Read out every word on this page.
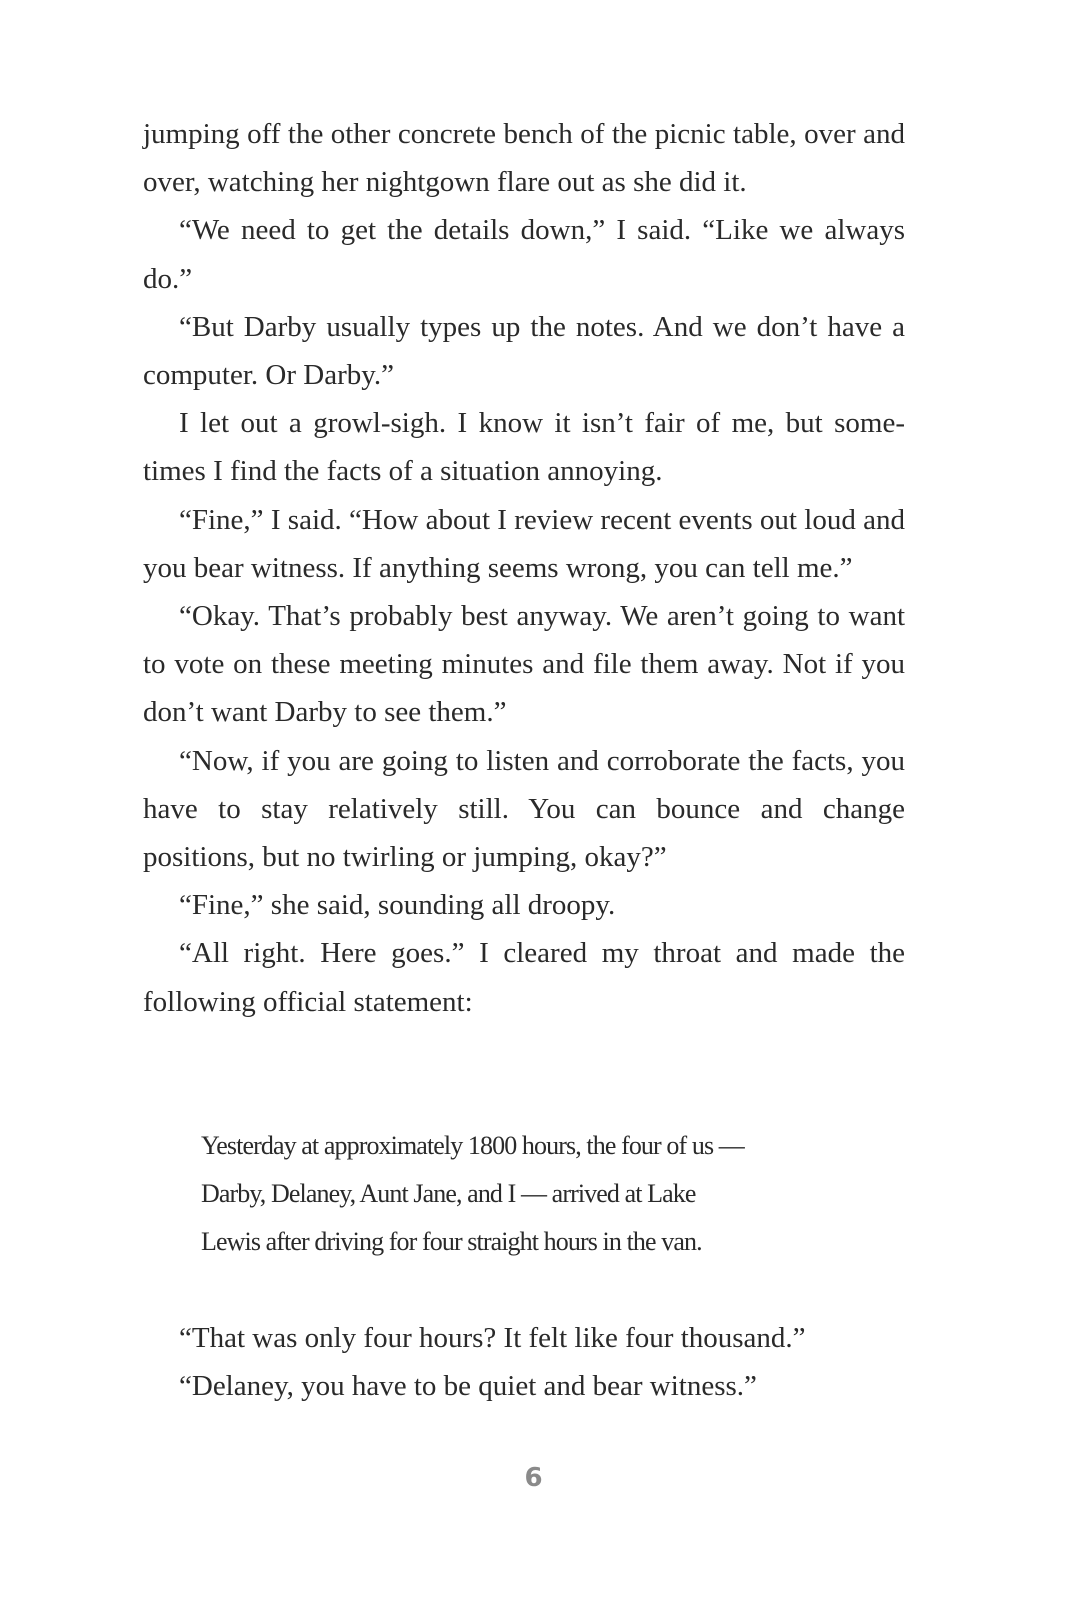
jumping off the other concrete bench of the picnic table, over and over, watching her nightgown flare out as she did it.

“We need to get the details down,” I said. “Like we always do.”

“But Darby usually types up the notes. And we don’t have a computer. Or Darby.”

I let out a growl-sigh. I know it isn’t fair of me, but some-times I find the facts of a situation annoying.

“Fine,” I said. “How about I review recent events out loud and you bear witness. If anything seems wrong, you can tell me.”

“Okay. That’s probably best anyway. We aren’t going to want to vote on these meeting minutes and file them away. Not if you don’t want Darby to see them.”

“Now, if you are going to listen and corroborate the facts, you have to stay relatively still. You can bounce and change positions, but no twirling or jumping, okay?”

“Fine,” she said, sounding all droopy.

“All right. Here goes.” I cleared my throat and made the following official statement:

Yesterday at approximately 1800 hours, the four of us —
Darby, Delaney, Aunt Jane, and I — arrived at Lake
Lewis after driving for four straight hours in the van.

“That was only four hours? It felt like four thousand.”

“Delaney, you have to be quiet and bear witness.”

6
